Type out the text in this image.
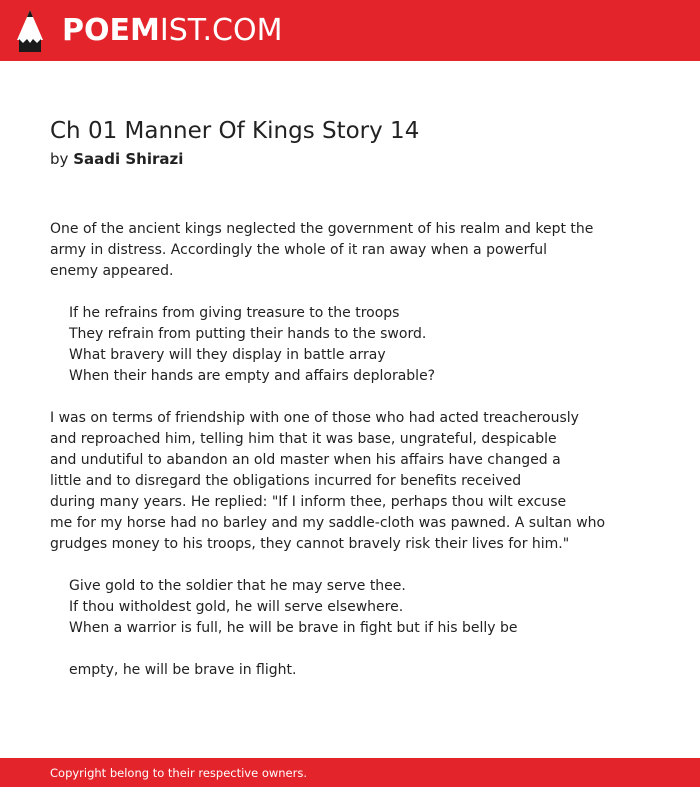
POEMIST.COM
Ch 01 Manner Of Kings Story 14
by Saadi Shirazi
One of the ancient kings neglected the government of his realm and kept the
army in distress. Accordingly the whole of it ran away when a powerful
enemy appeared.
If he refrains from giving treasure to the troops
They refrain from putting their hands to the sword.
What bravery will they display in battle array
When their hands are empty and affairs deplorable?
I was on terms of friendship with one of those who had acted treacherously
and reproached him, telling him that it was base, ungrateful, despicable
and undutiful to abandon an old master when his affairs have changed a
little and to disregard the obligations incurred for benefits received
during many years. He replied: "If I inform thee, perhaps thou wilt excuse
me for my horse had no barley and my saddle-cloth was pawned. A sultan who
grudges money to his troops, they cannot bravely risk their lives for him."
Give gold to the soldier that he may serve thee.
If thou witholdest gold, he will serve elsewhere.
When a warrior is full, he will be brave in fight but if his belly be
empty, he will be brave in flight.
Copyright belong to their respective owners.
